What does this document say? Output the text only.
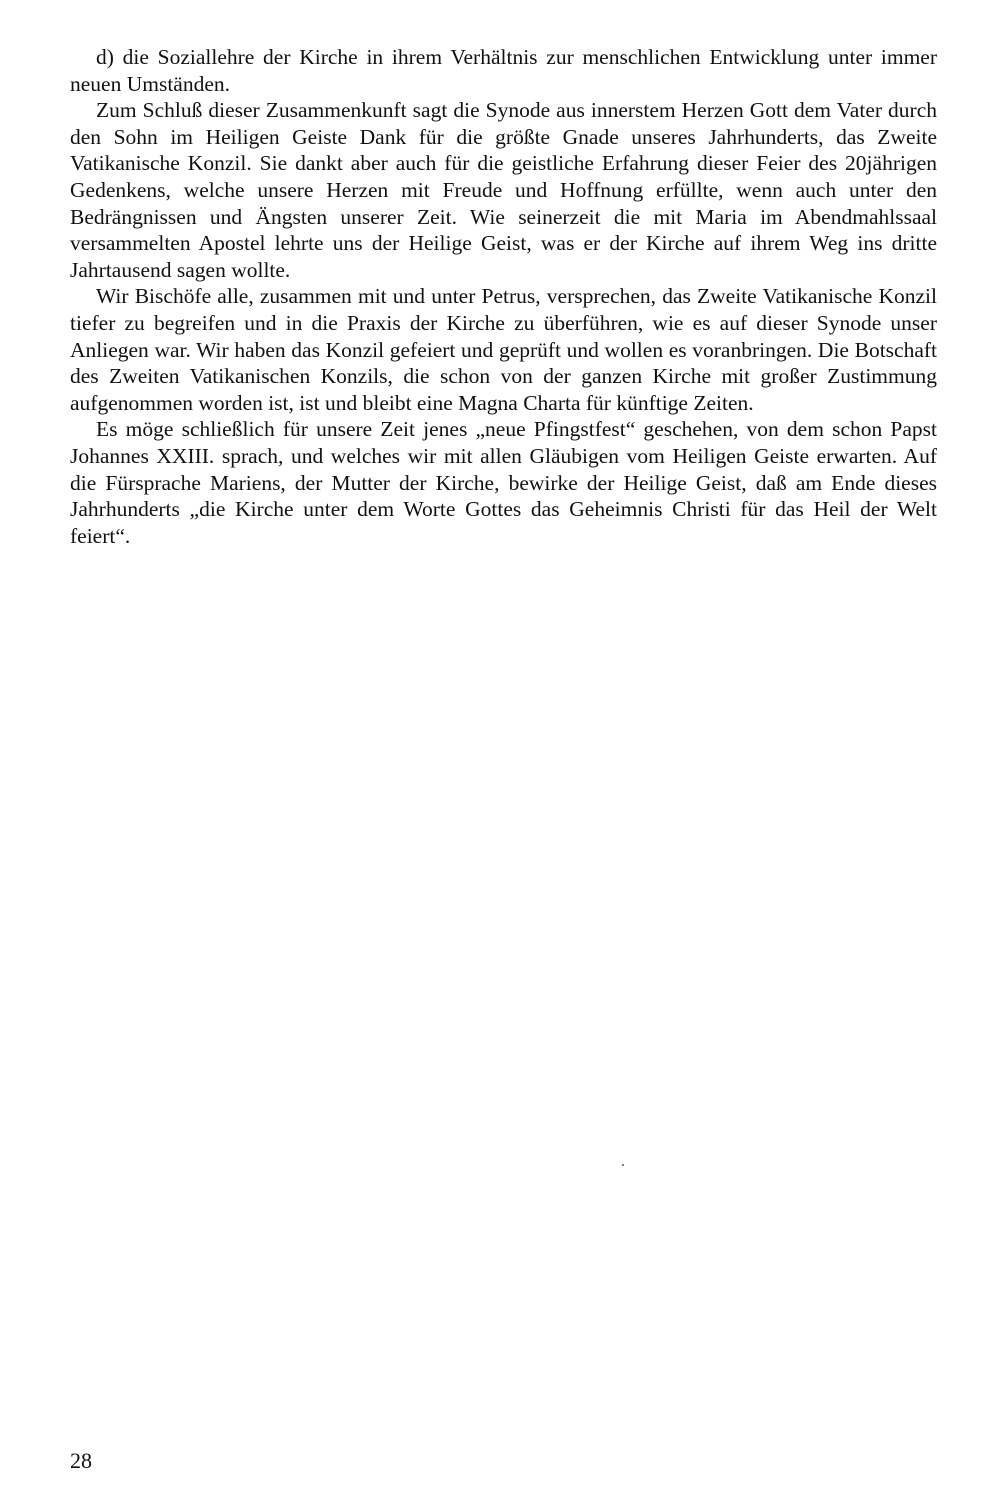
d) die Soziallehre der Kirche in ihrem Verhältnis zur menschlichen Entwicklung unter immer neuen Umständen.

Zum Schluß dieser Zusammenkunft sagt die Synode aus innerstem Herzen Gott dem Vater durch den Sohn im Heiligen Geiste Dank für die größte Gnade unseres Jahrhunderts, das Zweite Vatikanische Konzil. Sie dankt aber auch für die geistliche Erfahrung dieser Feier des 20jährigen Gedenkens, welche unsere Herzen mit Freude und Hoffnung erfüllte, wenn auch unter den Bedrängnissen und Ängsten unserer Zeit. Wie seinerzeit die mit Maria im Abendmahlssaal versammelten Apostel lehrte uns der Heilige Geist, was er der Kirche auf ihrem Weg ins dritte Jahrtausend sagen wollte.

Wir Bischöfe alle, zusammen mit und unter Petrus, versprechen, das Zweite Vatikanische Konzil tiefer zu begreifen und in die Praxis der Kirche zu überführen, wie es auf dieser Synode unser Anliegen war. Wir haben das Konzil gefeiert und geprüft und wollen es voranbringen. Die Botschaft des Zweiten Vatikanischen Konzils, die schon von der ganzen Kirche mit großer Zustimmung aufgenommen worden ist, ist und bleibt eine Magna Charta für künftige Zeiten.

Es möge schließlich für unsere Zeit jenes „neue Pfingstfest“ geschehen, von dem schon Papst Johannes XXIII. sprach, und welches wir mit allen Gläubigen vom Heiligen Geiste erwarten. Auf die Fürsprache Mariens, der Mutter der Kirche, bewirke der Heilige Geist, daß am Ende dieses Jahrhunderts „die Kirche unter dem Worte Gottes das Geheimnis Christi für das Heil der Welt feiert“.

28
